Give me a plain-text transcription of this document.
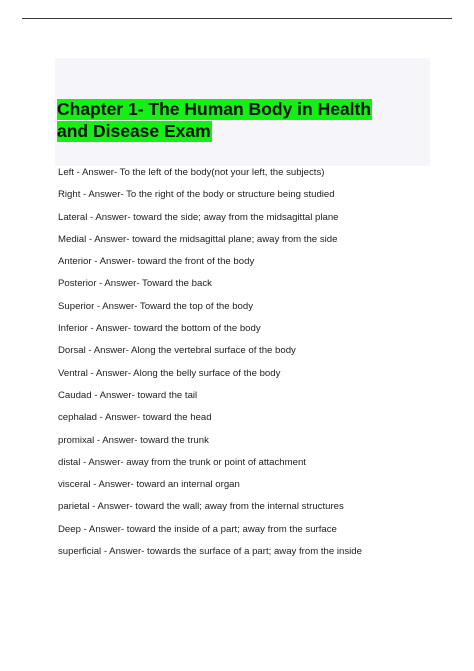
Chapter 1- The Human Body in Health
and Disease Exam
Left - Answer- To the left of the body(not your left, the subjects)
Right - Answer- To the right of the body or structure being studied
Lateral - Answer- toward the side; away from the midsagittal plane
Medial - Answer- toward the midsagittal plane; away from the side
Anterior - Answer- toward the front of the body
Posterior - Answer- Toward the back
Superior - Answer- Toward the top of the body
Inferior - Answer- toward the bottom of the body
Dorsal - Answer- Along the vertebral surface of the body
Ventral - Answer- Along the belly surface of the body
Caudad - Answer- toward the tail
cephalad - Answer- toward the head
promixal - Answer- toward the trunk
distal - Answer- away from the trunk or point of attachment
visceral - Answer- toward an internal organ
parietal - Answer- toward the wall; away from the internal structures
Deep - Answer- toward the inside of a part; away from the surface
superficial - Answer- towards the surface of a part; away from the inside
